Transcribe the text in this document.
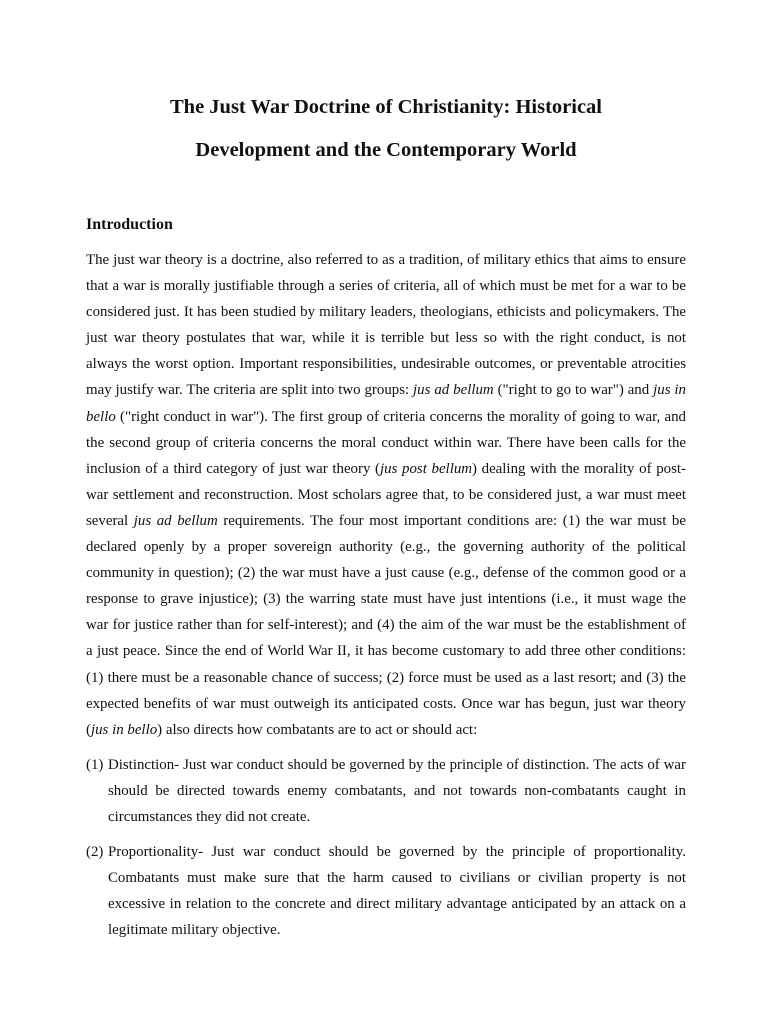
The Just War Doctrine of Christianity: Historical
Development and the Contemporary World
Introduction

The just war theory is a doctrine, also referred to as a tradition, of military ethics that aims to ensure that a war is morally justifiable through a series of criteria, all of which must be met for a war to be considered just. It has been studied by military leaders, theologians, ethicists and policymakers. The just war theory postulates that war, while it is terrible but less so with the right conduct, is not always the worst option. Important responsibilities, undesirable outcomes, or preventable atrocities may justify war. The criteria are split into two groups: jus ad bellum ("right to go to war") and jus in bello ("right conduct in war"). The first group of criteria concerns the morality of going to war, and the second group of criteria concerns the moral conduct within war. There have been calls for the inclusion of a third category of just war theory (jus post bellum) dealing with the morality of post-war settlement and reconstruction. Most scholars agree that, to be considered just, a war must meet several jus ad bellum requirements. The four most important conditions are: (1) the war must be declared openly by a proper sovereign authority (e.g., the governing authority of the political community in question); (2) the war must have a just cause (e.g., defense of the common good or a response to grave injustice); (3) the warring state must have just intentions (i.e., it must wage the war for justice rather than for self-interest); and (4) the aim of the war must be the establishment of a just peace. Since the end of World War II, it has become customary to add three other conditions: (1) there must be a reasonable chance of success; (2) force must be used as a last resort; and (3) the expected benefits of war must outweigh its anticipated costs. Once war has begun, just war theory (jus in bello) also directs how combatants are to act or should act:

(1) Distinction- Just war conduct should be governed by the principle of distinction. The acts of war should be directed towards enemy combatants, and not towards non-combatants caught in circumstances they did not create.
(2) Proportionality- Just war conduct should be governed by the principle of proportionality. Combatants must make sure that the harm caused to civilians or civilian property is not excessive in relation to the concrete and direct military advantage anticipated by an attack on a legitimate military objective.
